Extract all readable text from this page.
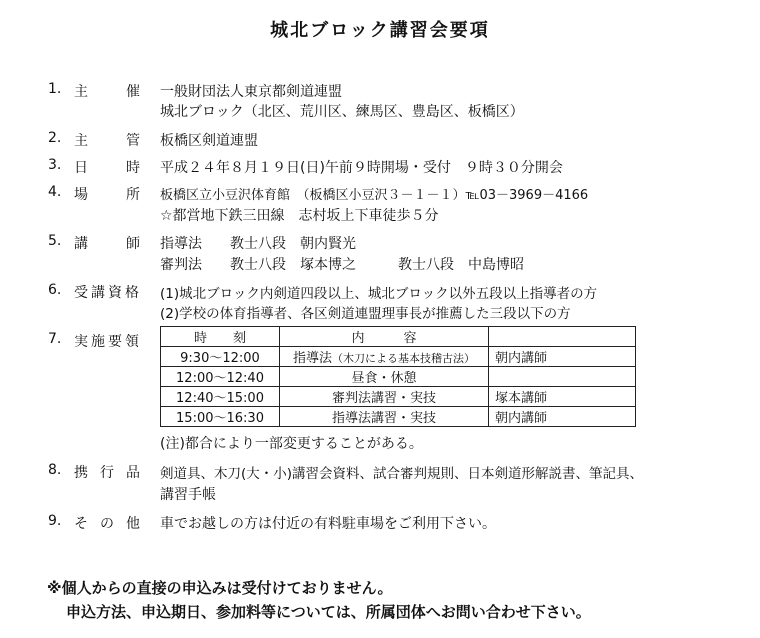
城北ブロック講習会要項
1. 主	催 一般財団法人東京都剣道連盟
城北ブロック（北区、荒川区、練馬区、豊島区、板橋区）
2. 主	管 板橋区剣道連盟
3. 日	時 平成２４年８月１９日(日)午前９時開場・受付　９時３０分開会
4. 場	所 板橋区立小豆沢体育館　（板橋区小豆沢３－１－１）℡03－3969－4166
☆都営地下鉄三田線　志村坂上下車徒歩５分
5. 講	師 指導法　　教士八段　朝内賢光
審判法　　教士八段　塚本博之　　　教士八段　中島博昭
6. 受講資格 (1)城北ブロック内剣道四段以上、城北ブロック以外五段以上指導者の方
(2)学校の体育指導者、各区剣道連盟理事長が推薦した三段以下の方
7. 実施要領	時　　刻	内　　　容	
9:30～12:00	指導法（木刀による基本技稽古法）	朝内講師
12:00～12:40	昼食・休憩	
12:40～15:00	審判法講習・実技	塚本講師
15:00～16:30	指導法講習・実技	朝内講師
(注)都合により一部変更することがある。
8. 携 行 品 剣道具、木刀(大・小)講習会資料、試合審判規則、日本剣道形解説書、筆記具、
講習手帳
9. そ の 他 車でお越しの方は付近の有料駐車場をご利用下さい。
※個人からの直接の申込みは受付けておりません。
申込方法、申込期日、参加料等については、所属団体へお問い合わせ下さい。
